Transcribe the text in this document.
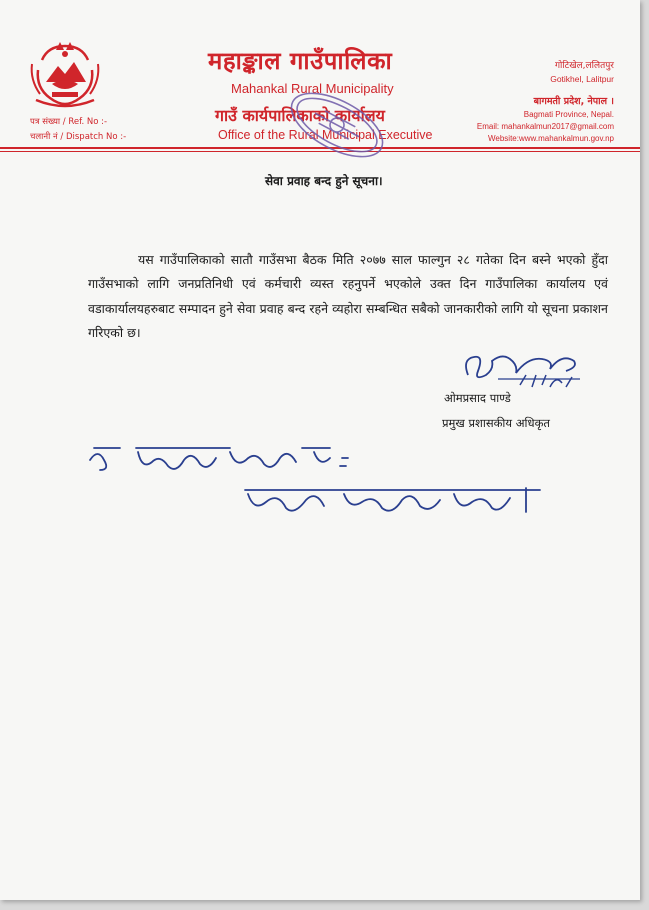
महाङ्काल गाउँपालिका
Mahankal Rural Municipality
गाउँ कार्यपालिकाको कार्यालय
Office of the Rural Municipal Executive
पत्र संख्या / Ref. No :-
चलानी नं / Dispatch No :-
गोटिखेल,ललितपुर
Gotikhel, Lalitpur
बागमती प्रदेश, नेपाल ।
Bagmati Province, Nepal.
Email: mahankalmun2017@gmail.com
Website:www.mahankalmun.gov.np
सेवा प्रवाह बन्द हुने सूचना।

यस गाउँपालिकाको सातौ गाउँसभा बैठक मिति २०७७ साल फाल्गुन २८ गतेका दिन बस्ने भएको हुँदा गाउँसभाको लागि जनप्रतिनिधी एवं कर्मचारी व्यस्त रहनुपर्ने भएकोले उक्त दिन गाउँपालिका कार्यालय एवं वडाकार्यालयहरुबाट सम्पादन हुने सेवा प्रवाह बन्द रहने व्यहोरा सम्बन्धित सबैको जानकारीको लागि यो सूचना प्रकाशन गरिएको छ।

ओमप्रसाद पाण्डे
प्रमुख प्रशासकीय अधिकृत
